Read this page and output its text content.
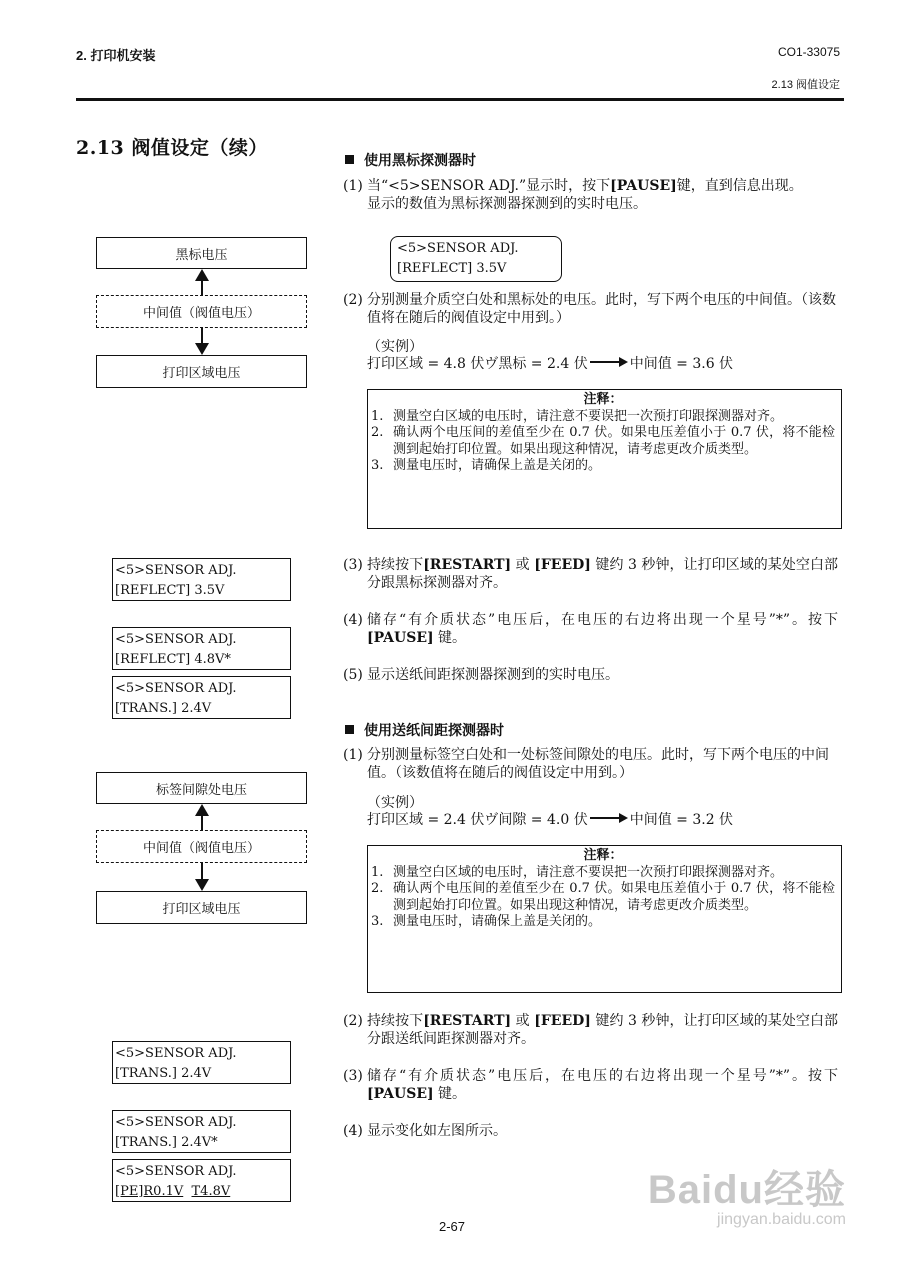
2. 打印机安装	CO1-33075
2.13 阀值设定
2.13 阀值设定（续）
使用黑标探测器时
黑标电压
中间值（阀值电压）
打印区域电压
(1) 当“<5>SENSOR ADJ.”显示时，按下[PAUSE]键，直到信息出现。
显示的数值为黑标探测器探测到的实时电压。
<5>SENSOR ADJ.
[REFLECT] 3.5V
(2) 分别测量介质空白处和黑标处的电压。此时，写下两个电压的中间值。（该数值将在随后的阀值设定中用到。）
（实例）
打印区域 = 4.8 伏ヴ黑标 = 2.4 伏	中间值 = 3.6 伏
注释：
1. 测量空白区域的电压时，请注意不要误把一次预打印跟探测器对齐。
2. 确认两个电压间的差值至少在 0.7 伏。如果电压差值小于 0.7 伏，将不能检测到起始打印位置。如果出现这种情况，请考虑更改介质类型。
3. 测量电压时，请确保上盖是关闭的。
<5>SENSOR ADJ.
[REFLECT] 3.5V
<5>SENSOR ADJ.
[REFLECT] 4.8V*
<5>SENSOR ADJ.
[TRANS.] 2.4V
(3) 持续按下[RESTART] 或 [FEED] 键约 3 秒钟，让打印区域的某处空白部分跟黑标探测器对齐。
(4) 储存“有介质状态”电压后，在电压的右边将出现一个星号”*”。按下 [PAUSE] 键。
(5) 显示送纸间距探测器探测到的实时电压。
使用送纸间距探测器时
标签间隙处电压
中间值（阀值电压）
打印区域电压
(1) 分别测量标签空白处和一处标签间隙处的电压。此时，写下两个电压的中间值。（该数值将在随后的阀值设定中用到。）
（实例）
打印区域 = 2.4 伏ヴ间隙 = 4.0 伏	中间值 = 3.2 伏
注释：
1. 测量空白区域的电压时，请注意不要误把一次预打印跟探测器对齐。
2. 确认两个电压间的差值至少在 0.7 伏。如果电压差值小于 0.7 伏，将不能检测到起始打印位置。如果出现这种情况，请考虑更改介质类型。
3. 测量电压时，请确保上盖是关闭的。
<5>SENSOR ADJ.
[TRANS.] 2.4V
<5>SENSOR ADJ.
[TRANS.] 2.4V*
<5>SENSOR ADJ.
[PE]R0.1V T4.8V
(2) 持续按下[RESTART] 或 [FEED] 键约 3 秒钟，让打印区域的某处空白部分跟送纸间距探测器对齐。
(3) 储存“有介质状态”电压后，在电压的右边将出现一个星号”*”。按下 [PAUSE] 键。
(4) 显示变化如左图所示。
Baidu经验
jingyan.baidu.com
2-67
